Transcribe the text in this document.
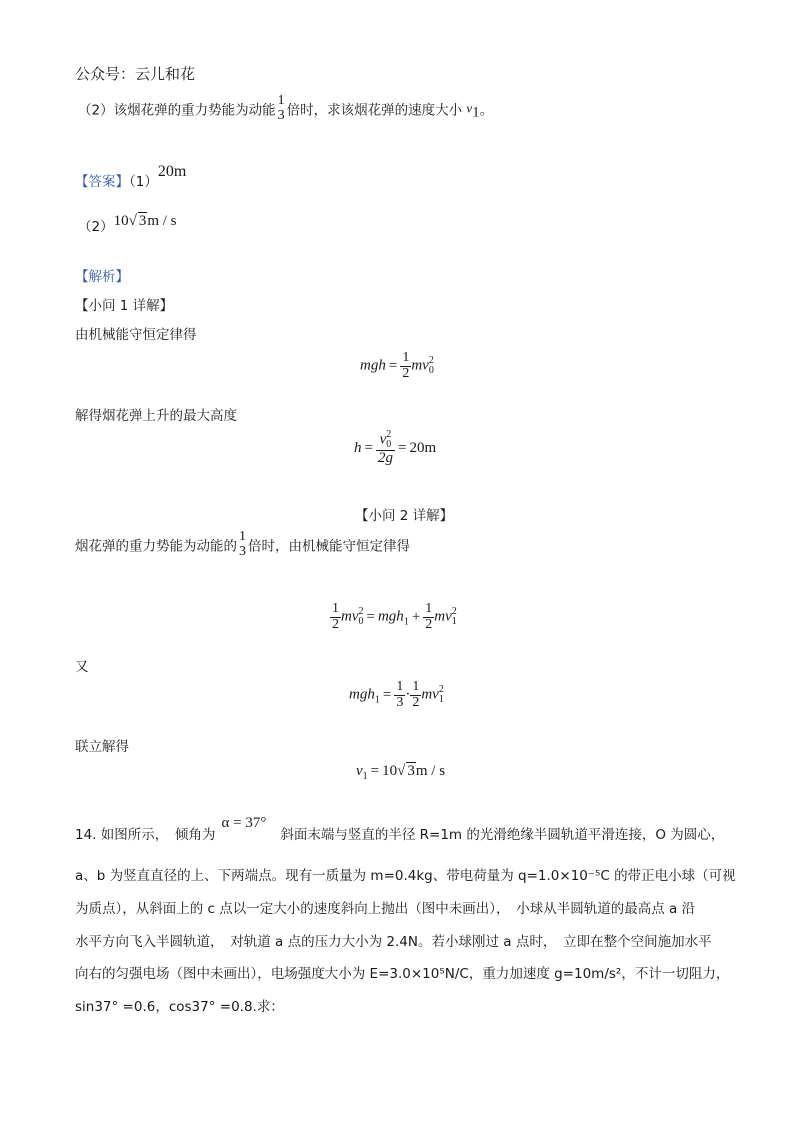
公众号：云儿和花
（2）该烟花弹的重力势能为动能
1
3 倍时，求该烟花弹的速度大小 $v_1$。
【答案】（1）20m
（2）10√ 3m / s
【解析】
【小问 1 详解】
由机械能守恒定律得
mgh = $\frac{1}{2}$ mv 2
0
解得烟花弹上升的最大高度
h = v 2
0
2g = 20m
【小问 2 详解】
烟花弹的重力势能为动能的
1
3 倍时，由机械能守恒定律得
$\frac{1}{2}$ mv 2
$0 = mgh_1 + \frac{1}{2}$ mv 2
1
又
$mgh_1 = \frac{1}{3} \cdot \frac{1}{2}$ mv 2
1
联立解得
$v_1 = 10√$ 3m / s
14. 如图所示，　倾角为α = 37°斜面末端与竖直的半径 R=1m 的光滑绝缘半圆轨道平滑连接，O 为圆心，
a、b 为竖直直径的上、下两端点。现有一质量为 m=0.4kg、带电荷量为 q=1.0×10⁻⁵C 的带正电小球（可视
为质点），从斜面上的 c 点以一定大小的速度斜向上抛出（图中未画出），　小球从半圆轨道的最高点 a 沿
水平方向飞入半圆轨道，　对轨道 a 点的压力大小为 2.4N。若小球刚过 a 点时，　立即在整个空间施加水平
向右的匀强电场（图中未画出），电场强度大小为 E=3.0×10⁵N/C，重力加速度 g=10m/s²，不计一切阻力，
sin37° =0.6，cos37° =0.8.求：
